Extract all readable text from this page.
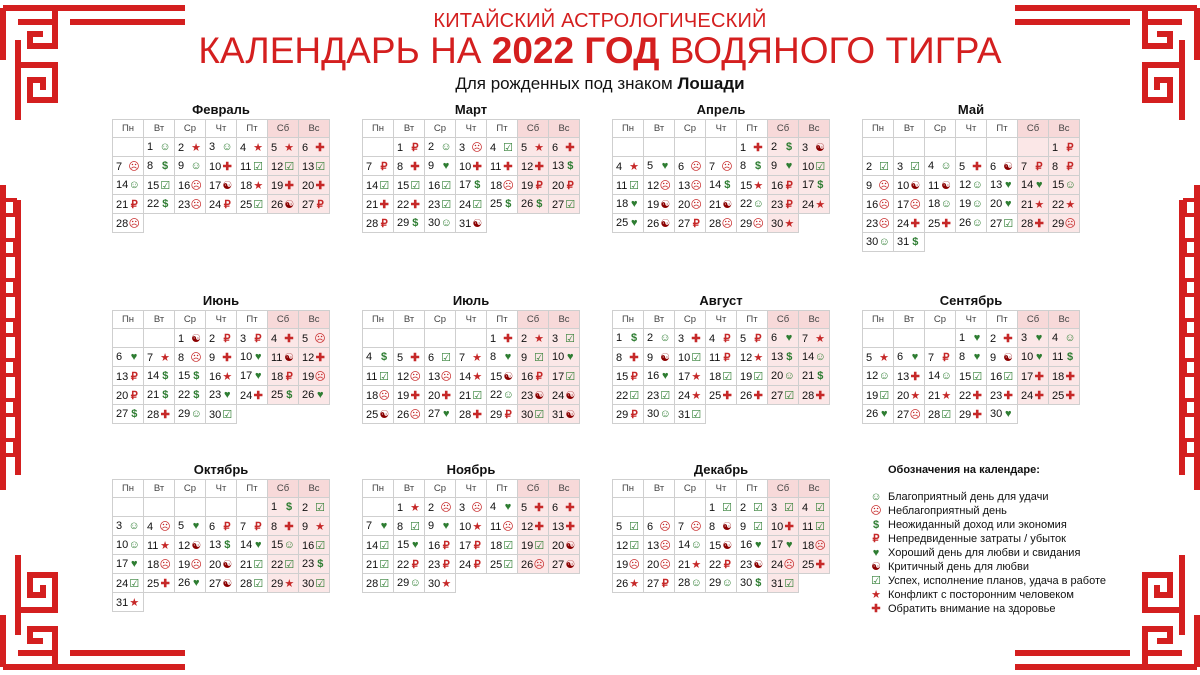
КИТАЙСКИЙ АСТРОЛОГИЧЕСКИЙ
КАЛЕНДАРЬ НА 2022 ГОД ВОДЯНОГО ТИГРА
Для рожденных под знаком Лошади
Февраль
Пн	Вт	Ср	Чт	Пт	Сб	Вс
	1 ☺	2 ★	3 ☺	4 ★	5 ★	6 ✚
7 ☹	8 $	9 ☺	10✚	11 ☑	12☑	13☑
14☺	15☑	16☹	17☯	18★	19✚	20✚
21 ₽	22 $	23☹	24 ₽	25☑	26☯	27 ₽
28☹						
Март
Пн	Вт	Ср	Чт	Пт	Сб	Вс
	1 ₽	2 ☺	3 ☹	4 ☑	5 ★	6 ✚
7 ₽	8 ✚	9 ♥	10✚	11 ✚	12✚	13 $
14☑	15☑	16☑	17 $	18☹	19 ₽	20 ₽
21✚	22✚	23☑	24☑	25 $	26 $	27☑
28 ₽	29 $	30☺	31☯			
Апрель
Пн	Вт	Ср	Чт	Пт	Сб	Вс
				1 ✚	2 $	3 ☯
4 ★	5 ♥	6 ☹	7 ☹	8 $	9 ♥	10☑
11 ☑	12☹	13☹	14 $	15★	16 ₽	17 $
18 ♥	19☯	20☹	21☯	22☺	23 ₽	24★
25 ♥	26☯	27 ₽	28☹	29☹	30★	
Май
Пн	Вт	Ср	Чт	Пт	Сб	Вс
						1 ₽
2 ☑	3 ☑	4 ☺	5 ✚	6 ☯	7 ₽	8 ₽
9 ☹	10☯	11 ☯	12☺	13 ♥	14 ♥	15☺
16☹	17☹	18☺	19☺	20 ♥	21★	22★
23☹	24✚	25✚	26☺	27☑	28✚	29☹
30☺	31 $					
Июнь
Пн	Вт	Ср	Чт	Пт	Сб	Вс
		1 ☯	2 ₽	3 ₽	4 ✚	5 ☹
6 ♥	7 ★	8 ☹	9 ✚	10 ♥	11 ☯	12✚
13 ₽	14 $	15 $	16★	17 ♥	18 ₽	19☹
20 ₽	21 $	22 $	23 ♥	24✚	25 $	26 ♥
27 $	28✚	29☺	30☑			
Июль
Пн	Вт	Ср	Чт	Пт	Сб	Вс
				1 ✚	2 ★	3 ☑
4 $	5 ✚	6 ☑	7 ★	8 ♥	9 ☑	10 ♥
11 ☑	12☹	13☹	14★	15☯	16 ₽	17☑
18☹	19✚	20✚	21☑	22☺	23☯	24☯
25☯	26☹	27 ♥	28✚	29 ₽	30☑	31☯
Август
Пн	Вт	Ср	Чт	Пт	Сб	Вс
1 $	2 ☺	3 ✚	4 ₽	5 ₽	6 ♥	7 ★
8 ✚	9 ☯	10☑	11 ₽	12★	13 $	14☺
15 ₽	16 ♥	17★	18☑	19☑	20☺	21 $
22☑	23☑	24★	25✚	26✚	27☑	28✚
29 ₽	30☺	31☑				
Сентябрь
Пн	Вт	Ср	Чт	Пт	Сб	Вс
			1 ♥	2 ✚	3 ♥	4 ☺
5 ★	6 ♥	7 ₽	8 ♥	9 ☯	10 ♥	11 $
12☺	13✚	14☺	15☑	16☑	17✚	18✚
19☑	20★	21★	22✚	23✚	24✚	25✚
26 ♥	27☹	28☑	29✚	30 ♥		
Октябрь
Пн	Вт	Ср	Чт	Пт	Сб	Вс
					1 $	2 ☑
3 ☺	4 ☹	5 ♥	6 ₽	7 ₽	8 ✚	9 ★
10☺	11 ★	12☯	13 $	14 ♥	15☺	16☑
17 ♥	18☹	19☹	20☯	21☑	22☑	23 $
24☑	25✚	26 ♥	27☯	28☑	29★	30☑
31★						
Ноябрь
Пн	Вт	Ср	Чт	Пт	Сб	Вс
	1 ★	2 ☹	3 ☹	4 ♥	5 ✚	6 ✚
7 ♥	8 ☑	9 ♥	10★	11☹	12✚	13✚
14☑	15 ♥	16 ₽	17 ₽	18☑	19☑	20☯
21☑	22 ₽	23 ₽	24 ₽	25☑	26☹	27☯
28☑	29☺	30★				
Декабрь
Пн	Вт	Ср	Чт	Пт	Сб	Вс
			1 ☑	2 ☑	3 ☑	4 ☑
5 ☑	6 ☹	7 ☹	8 ☯	9 ☑	10✚	11 ☑
12☑	13☹	14☺	15☯	16 ♥	17 ♥	18☹
19☹	20☹	21★	22 ₽	23☯	24☹	25✚
26★	27 ₽	28☺	29☺	30 $	31☑	
Обозначения на календаре:
☺ Благоприятный день для удачи
☹ Неблагоприятный день
$ Неожиданный доход или экономия
₽ Непредвиденные затраты / убыток
♥ Хороший день для любви и свидания
☯ Критичный день для любви
☑ Успех, исполнение планов, удача в работе
★ Конфликт с посторонним человеком
✚ Обратить внимание на здоровье
